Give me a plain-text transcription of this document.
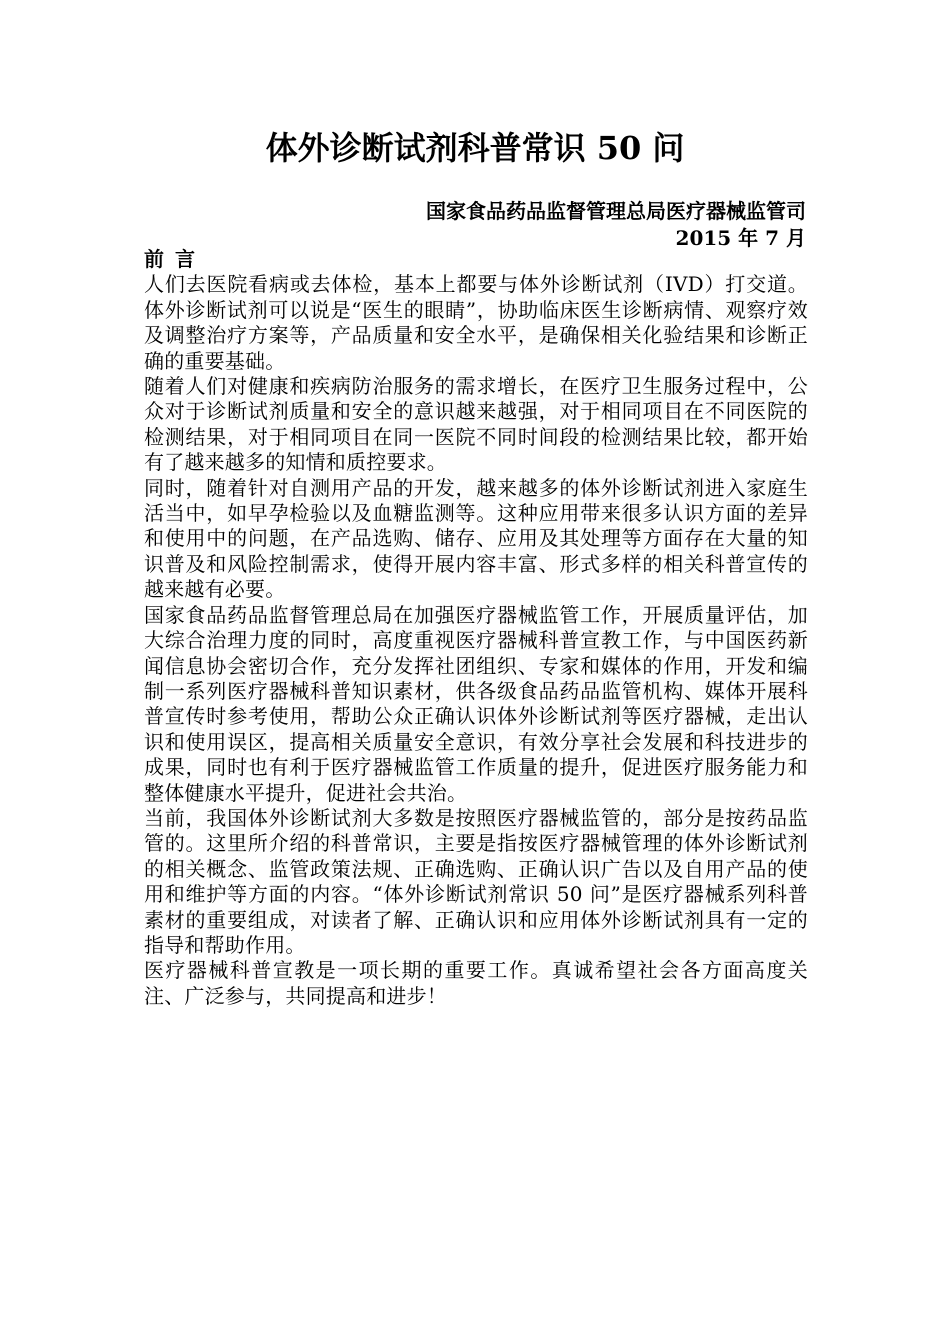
体外诊断试剂科普常识 50 问
国家食品药品监督管理总局医疗器械监管司
2015 年 7 月
前 言

人们去医院看病或去体检，基本上都要与体外诊断试剂（IVD）打交道。体外诊断试剂可以说是“医生的眼睛”，协助临床医生诊断病情、观察疗效及调整治疗方案等，产品质量和安全水平，是确保相关化验结果和诊断正确的重要基础。

随着人们对健康和疾病防治服务的需求增长，在医疗卫生服务过程中，公众对于诊断试剂质量和安全的意识越来越强，对于相同项目在不同医院的检测结果，对于相同项目在同一医院不同时间段的检测结果比较，都开始有了越来越多的知情和质控要求。

同时，随着针对自测用产品的开发，越来越多的体外诊断试剂进入家庭生活当中，如早孕检验以及血糖监测等。这种应用带来很多认识方面的差异和使用中的问题，在产品选购、储存、应用及其处理等方面存在大量的知识普及和风险控制需求，使得开展内容丰富、形式多样的相关科普宣传的越来越有必要。

国家食品药品监督管理总局在加强医疗器械监管工作，开展质量评估，加大综合治理力度的同时，高度重视医疗器械科普宣教工作，与中国医药新闻信息协会密切合作，充分发挥社团组织、专家和媒体的作用，开发和编制一系列医疗器械科普知识素材，供各级食品药品监管机构、媒体开展科普宣传时参考使用，帮助公众正确认识体外诊断试剂等医疗器械，走出认识和使用误区，提高相关质量安全意识，有效分享社会发展和科技进步的成果，同时也有利于医疗器械监管工作质量的提升，促进医疗服务能力和整体健康水平提升，促进社会共治。

当前，我国体外诊断试剂大多数是按照医疗器械监管的，部分是按药品监管的。这里所介绍的科普常识，主要是指按医疗器械管理的体外诊断试剂的相关概念、监管政策法规、正确选购、正确认识广告以及自用产品的使用和维护等方面的内容。“体外诊断试剂常识 50 问”是医疗器械系列科普素材的重要组成，对读者了解、正确认识和应用体外诊断试剂具有一定的指导和帮助作用。

医疗器械科普宣教是一项长期的重要工作。真诚希望社会各方面高度关注、广泛参与，共同提高和进步！
